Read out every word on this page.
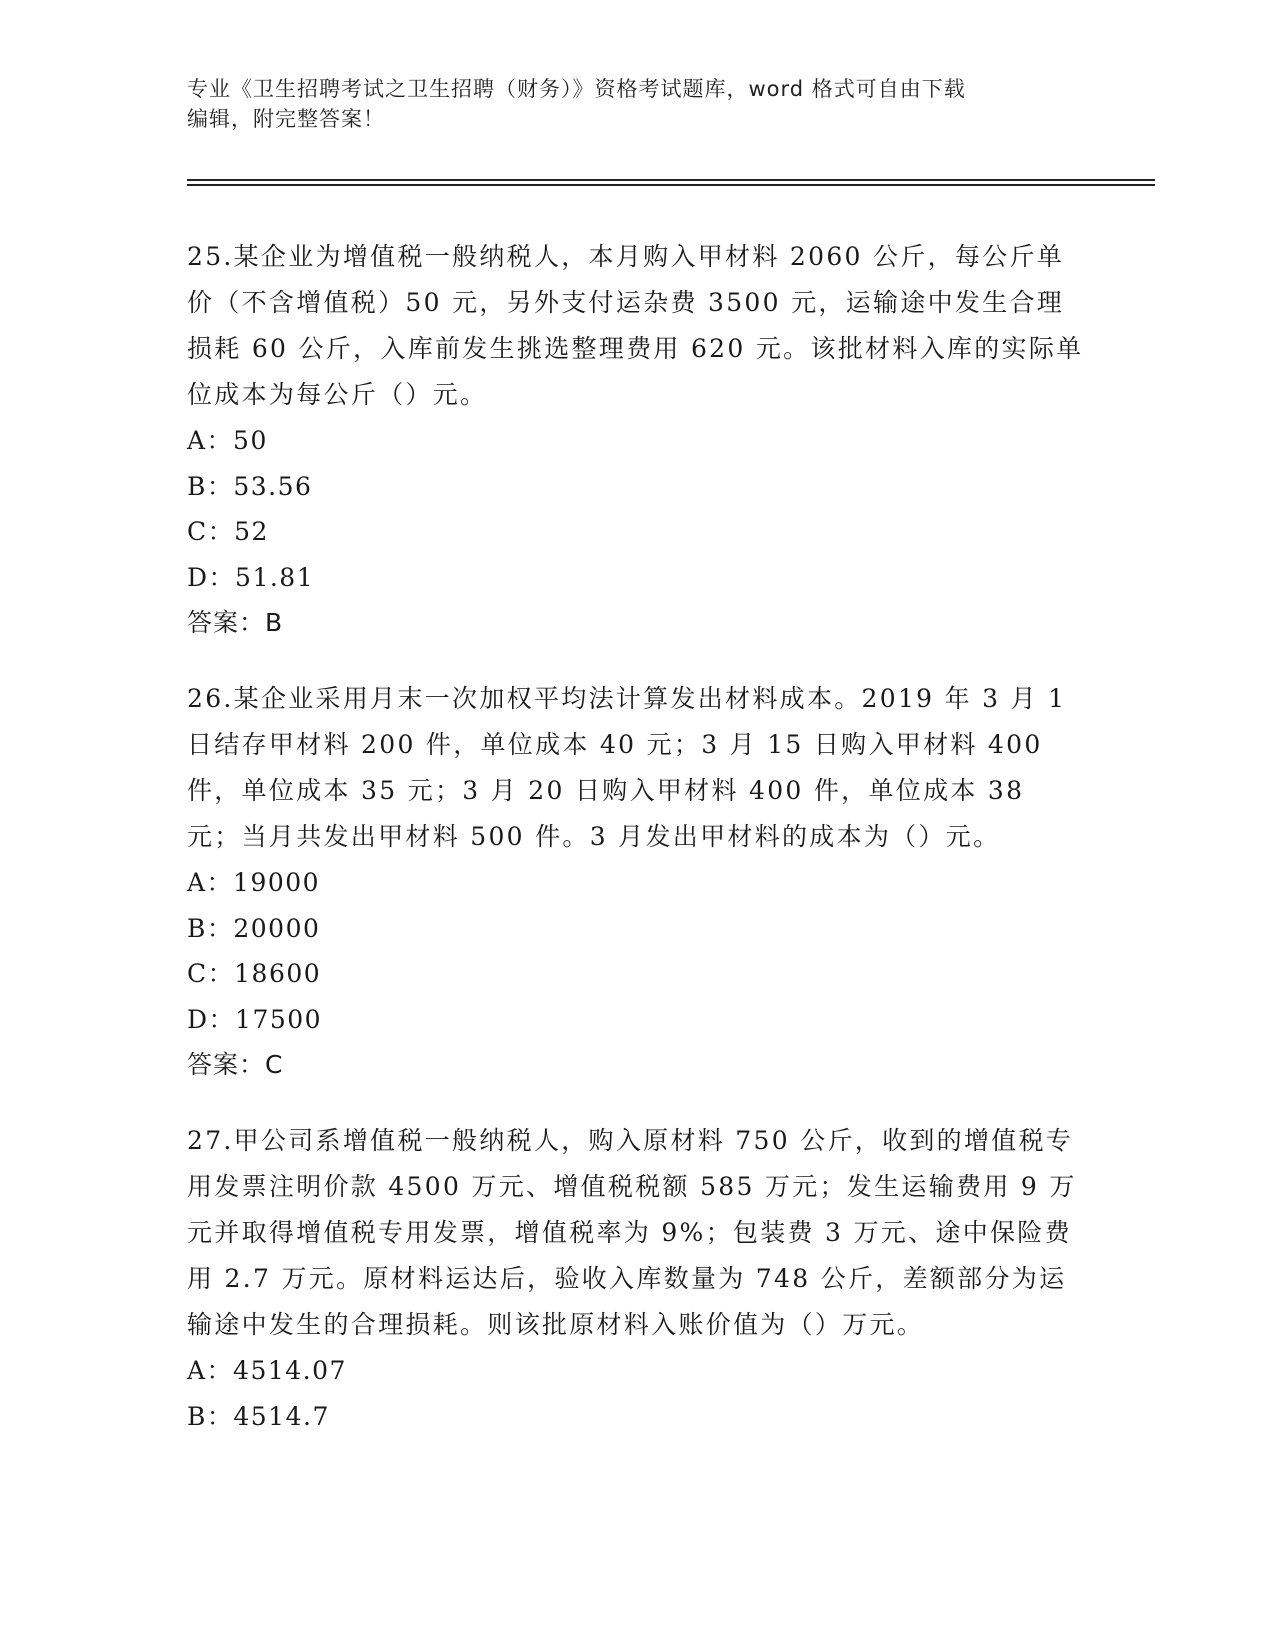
专业《卫生招聘考试之卫生招聘（财务）》资格考试题库，word 格式可自由下载
编辑，附完整答案！

25.某企业为增值税一般纳税人，本月购入甲材料 2060 公斤，每公斤单价（不含增值税）50 元，另外支付运杂费 3500 元，运输途中发生合理损耗 60 公斤，入库前发生挑选整理费用 620 元。该批材料入库的实际单位成本为每公斤（）元。

A：50

B：53.56

C：52

D：51.81

答案：B

26.某企业采用月末一次加权平均法计算发出材料成本。2019 年 3 月 1 日结存甲材料 200 件，单位成本 40 元；3 月 15 日购入甲材料 400 件，单位成本 35 元；3 月 20 日购入甲材料 400 件，单位成本 38 元；当月共发出甲材料 500 件。3 月发出甲材料的成本为（）元。

A：19000

B：20000

C：18600

D：17500

答案：C

27.甲公司系增值税一般纳税人，购入原材料 750 公斤，收到的增值税专用发票注明价款 4500 万元、增值税税额 585 万元；发生运输费用 9 万元并取得增值税专用发票，增值税率为 9%；包装费 3 万元、途中保险费用 2.7 万元。原材料运达后，验收入库数量为 748 公斤，差额部分为运输途中发生的合理损耗。则该批原材料入账价值为（）万元。

A：4514.07

B：4514.7
